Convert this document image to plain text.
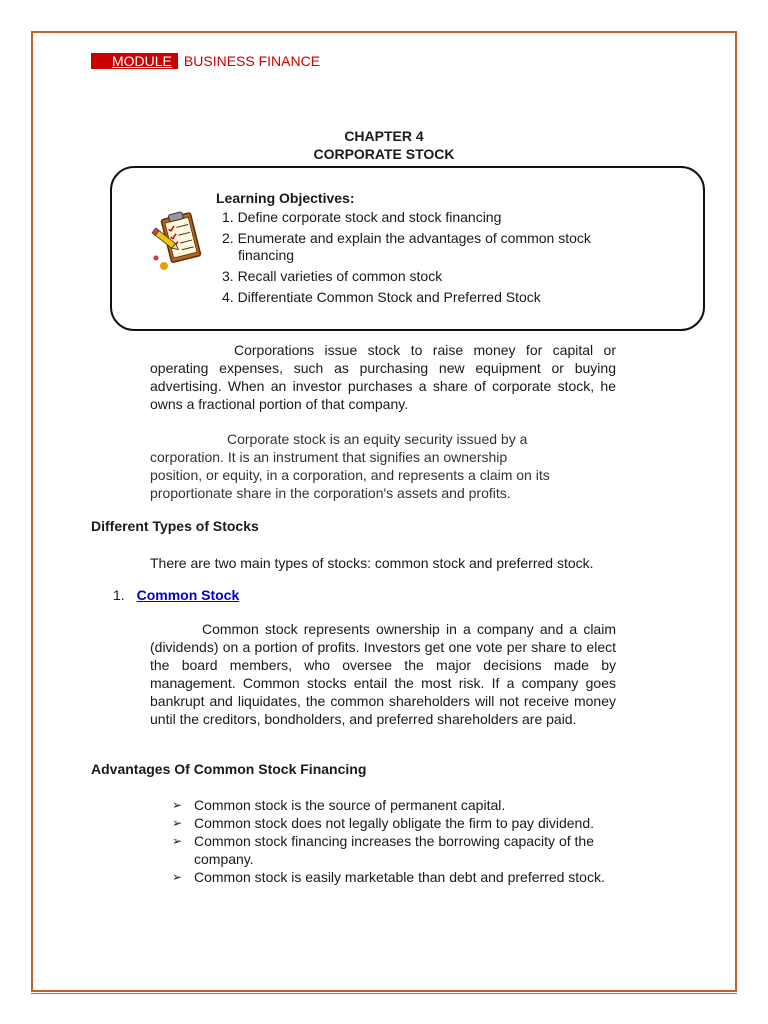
MODULE BUSINESS FINANCE
CHAPTER 4
CORPORATE STOCK
Learning Objectives:
1. Define corporate stock and stock financing
2. Enumerate and explain the advantages of common stock financing
3. Recall varieties of common stock
4. Differentiate Common Stock and Preferred Stock
Corporations issue stock to raise money for capital or operating expenses, such as purchasing new equipment or buying advertising. When an investor purchases a share of corporate stock, he owns a fractional portion of that company.
Corporate stock is an equity security issued by a
corporation. It is an instrument that signifies an ownership
position, or equity, in a corporation, and represents a claim on its
proportionate share in the corporation's assets and profits.
Different Types of Stocks
There are two main types of stocks: common stock and preferred stock.
1. Common Stock
Common stock represents ownership in a company and a claim (dividends) on a portion of profits. Investors get one vote per share to elect the board members, who oversee the major decisions made by management. Common stocks entail the most risk. If a company goes bankrupt and liquidates, the common shareholders will not receive money until the creditors, bondholders, and preferred shareholders are paid.
Advantages Of Common Stock Financing
➢ Common stock is the source of permanent capital.
➢ Common stock does not legally obligate the firm to pay dividend.
➢ Common stock financing increases the borrowing capacity of the company.
➢ Common stock is easily marketable than debt and preferred stock.
